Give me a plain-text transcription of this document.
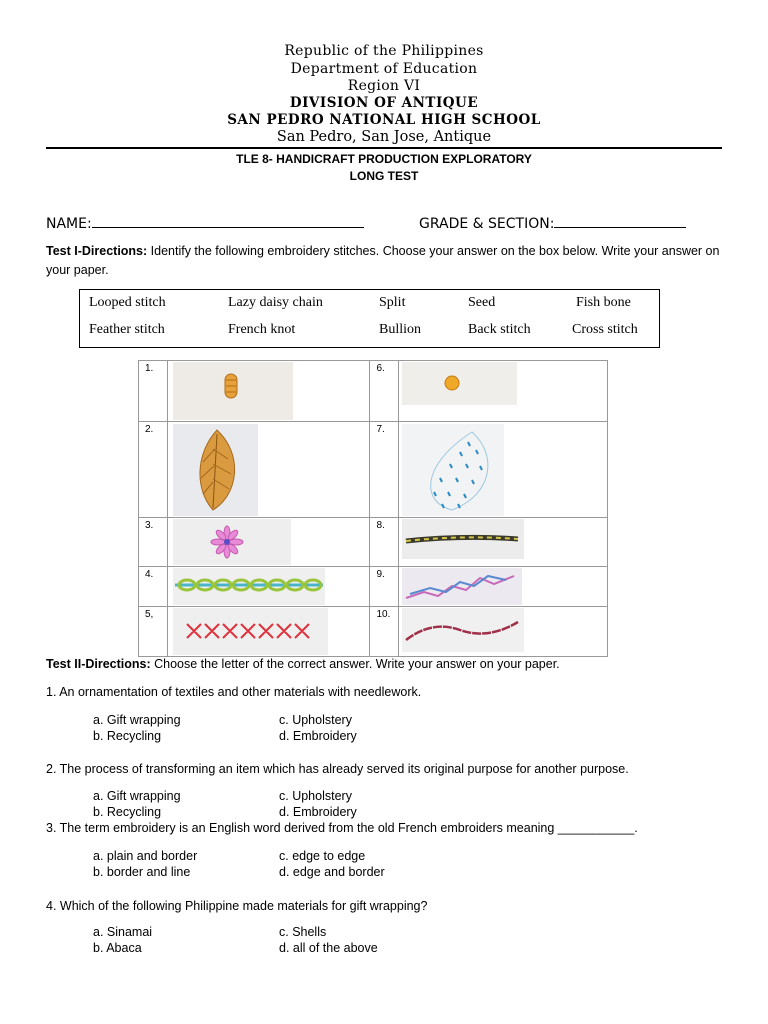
Republic of the Philippines
Department of Education
Region VI
DIVISION OF ANTIQUE
SAN PEDRO NATIONAL HIGH SCHOOL
San Pedro, San Jose, Antique
TLE 8- HANDICRAFT PRODUCTION EXPLORATORY
LONG TEST
NAME:	GRADE & SECTION:
Test I-Directions: Identify the following embroidery stitches. Choose your answer on the box below. Write your answer on your paper.
Looped stitch	Lazy daisy chain	Split	Seed	Fish bone
Feather stitch	French knot	Bullion	Back stitch	Cross stitch
1.		6.

2.		7.

3.		8.

4.		9.

5,		10.

Test II-Directions: Choose the letter of the correct answer. Write your answer on your paper.
1. An ornamentation of textiles and other materials with needlework.
a. Gift wrapping
b. Recycling
c. Upholstery
d. Embroidery
2. The process of transforming an item which has already served its original purpose for another purpose.
a. Gift wrapping
b. Recycling
c. Upholstery
d. Embroidery
3. The term embroidery is an English word derived from the old French embroiders meaning ___________.
a. plain and border
b. border and line
c. edge to edge
d. edge and border
4. Which of the following Philippine made materials for gift wrapping?
a. Sinamai
b. Abaca
c. Shells
d. all of the above
